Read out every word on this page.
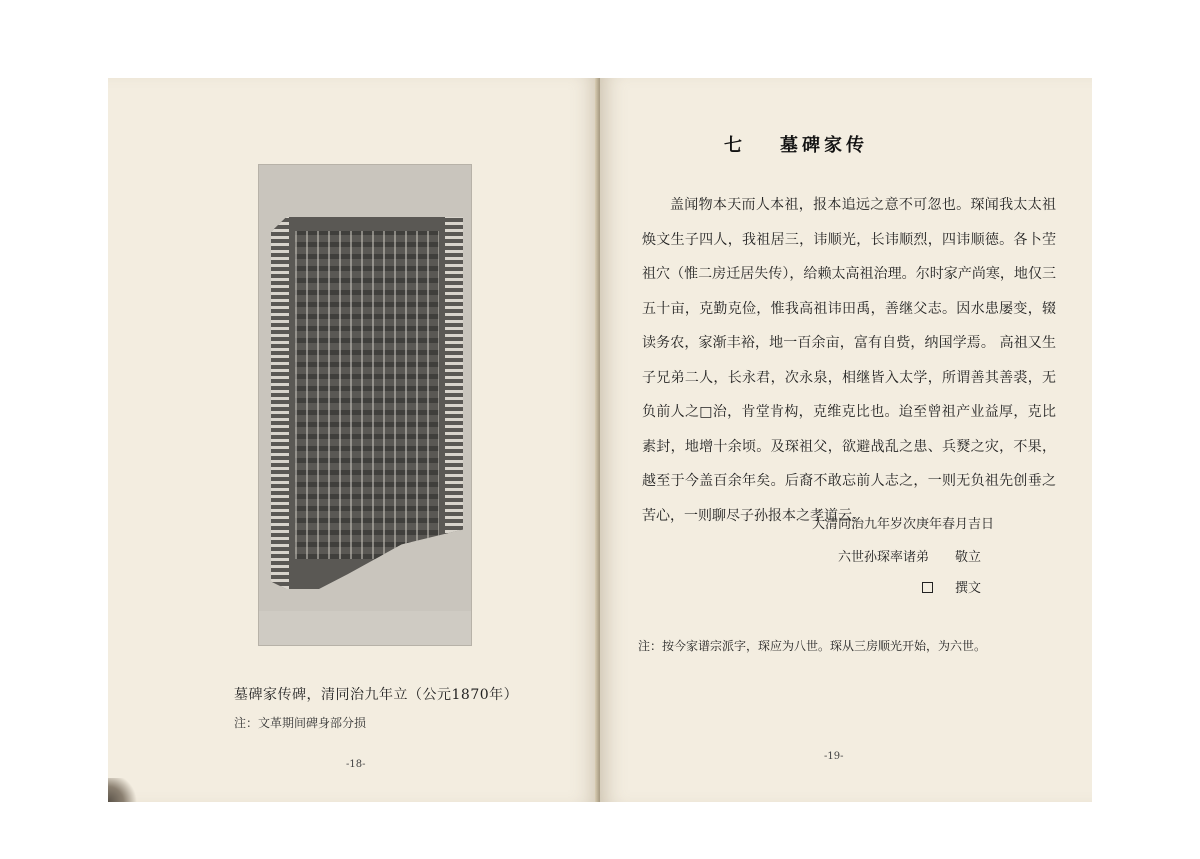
墓碑家传碑，清同治九年立（公元1870年）
注：文革期间碑身部分损
-18-
七 墓碑家传

盖闻物本天而人本祖，报本追远之意不可忽也。琛闻我太太祖焕文生子四人，我祖居三，讳顺光，长讳顺烈，四讳顺德。各卜茔祖穴（惟二房迁居失传），给赖太高祖治理。尔时家产尚寒，地仅三五十亩，克勤克俭，惟我高祖讳田禹，善继父志。因水患屡变，辍读务农，家渐丰裕，地一百余亩，富有自赀，纳国学焉。 高祖又生子兄弟二人，长永君，次永泉，相继皆入太学，所谓善其善裘，无负前人之□治，肯堂肯构，克维克比也。迨至曾祖产业益厚，克比素封，地增十余顷。及琛祖父，欲避战乱之患、兵燹之灾，不果，越至于今盖百余年矣。后裔不敢忘前人志之，一则无负祖先创垂之苦心，一则聊尽子孙报本之孝道云。

大清同治九年岁次庚年春月吉日
六世孙琛率诸弟　　敬立
撰文
注：按今家谱宗派字，琛应为八世。琛从三房顺光开始，为六世。
-19-
